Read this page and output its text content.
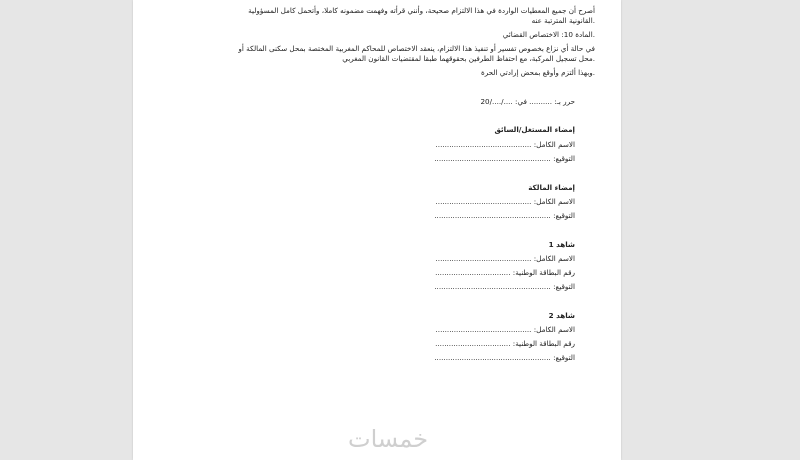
أصرح أن جميع المعطيات الواردة في هذا الالتزام صحيحة، وأنني قرأته وفهمت مضمونه كاملا، وأتحمل كامل المسؤولية
.القانونية المترتبة عنه
.المادة 10: الاختصاص القضائي
في حالة أي نزاع بخصوص تفسير أو تنفيذ هذا الالتزام، ينعقد الاختصاص للمحاكم المغربية المختصة بمحل سكنى المالكة أو
.محل تسجيل المركبة، مع احتفاظ الطرفين بحقوقهما طبقا لمقتضيات القانون المغربي
.وبهذا ألتزم وأوقع بمحض إرادتي الحرة
حرر بـ: .......... في: ..../..../20
إمضاء المستغل/السائق
الاسم الكامل: ..........................................
التوقيع: ...................................................
إمضاء المالكة
الاسم الكامل: ..........................................
التوقيع: ...................................................
شاهد 1
الاسم الكامل: ..........................................
رقم البطاقة الوطنية: .................................
التوقيع: ...................................................
شاهد 2
الاسم الكامل: ..........................................
رقم البطاقة الوطنية: .................................
التوقيع: ...................................................
خمسات
